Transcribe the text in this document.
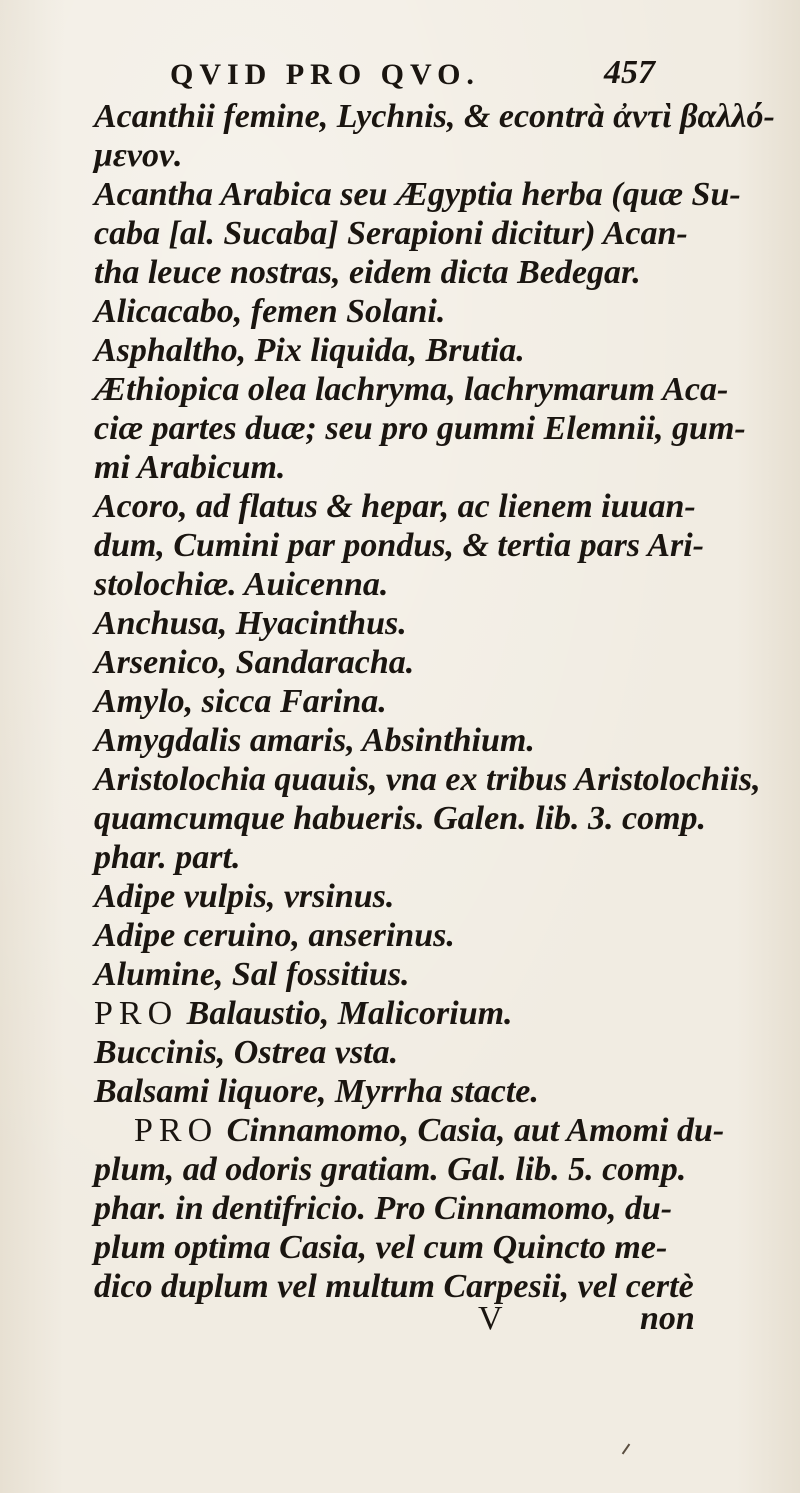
QVID PRO QVO.	457
Acanthii femine, Lychnis, & econtrà ἀντὶ βαλλό-
μενον.
Acantha Arabica seu Ægyptia herba (quæ Su-
caba [al. Sucaba] Serapioni dicitur) Acan-
tha leuce nostras, eidem dicta Bedegar.
Alicacabo, femen Solani.
Asphaltho, Pix liquida, Brutia.
Æthiopica olea lachryma, lachrymarum Aca-
ciæ partes duæ; seu pro gummi Elemnii, gum-
mi Arabicum.
Acoro, ad flatus & hepar, ac lienem iuuan-
dum, Cumini par pondus, & tertia pars Ari-
stolochiæ. Auicenna.
Anchusa, Hyacinthus.
Arsenico, Sandaracha.
Amylo, sicca Farina.
Amygdalis amaris, Absinthium.
Aristolochia quauis, vna ex tribus Aristolochiis,
quamcumque habueris. Galen. lib. 3. comp.
phar. part.
Adipe vulpis, vrsinus.
Adipe ceruino, anserinus.
Alumine, Sal fossitius.
PRO Balaustio, Malicorium.
Buccinis, Ostrea vsta.
Balsami liquore, Myrrha stacte.
PRO Cinnamomo, Casia, aut Amomi du-
plum, ad odoris gratiam. Gal. lib. 5. comp.
phar. in dentifricio. Pro Cinnamomo, du-
plum optima Casia, vel cum Quincto me-
dico duplum vel multum Carpesii, vel certè
V	non
